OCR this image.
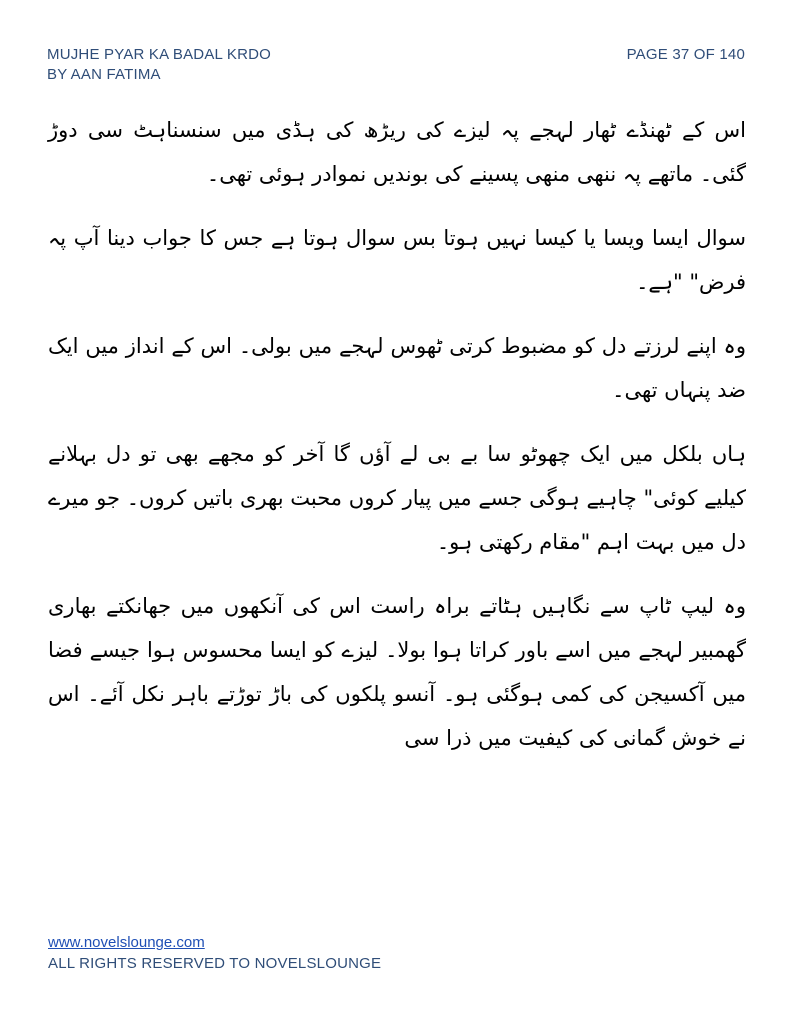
MUJHE PYAR KA BADAL KRDO
BY AAN FATIMA
PAGE 37 OF 140

اس کے ٹھنڈے ٹھار لہجے پہ لیزے کی ریڑھ کی ہڈی میں سنسناہٹ سی دوڑ گئی۔ ماتھے پہ ننھی منھی پسینے کی بوندیں نموادر ہوئی تھی۔

سوال ایسا ویسا یا کیسا نہیں ہوتا بس سوال ہوتا ہے جس کا جواب دینا آپ پہ فرض" "ہے۔

وہ اپنے لرزتے دل کو مضبوط کرتی ٹھوس لہجے میں بولی۔ اس کے انداز میں ایک ضد پنہاں تھی۔

ہاں بلکل میں ایک چھوٹو سا بے بی لے آؤں گا آخر کو مجھے بھی تو دل بہلانے کیلیے کوئی" چاہیے ہوگی جسے میں پیار کروں محبت بھری باتیں کروں۔ جو میرے دل میں بہت اہم "مقام رکھتی ہو۔

وہ لیپ ٹاپ سے نگاہیں ہٹاتے براہ راست اس کی آنکھوں میں جھانکتے بھاری گھمبیر لہجے میں اسے باور کراتا ہوا بولا۔ لیزے کو ایسا محسوس ہوا جیسے فضا میں آکسیجن کی کمی ہوگئی ہو۔ آنسو پلکوں کی باڑ توڑتے باہر نکل آئے۔ اس نے خوش گمانی کی کیفیت میں ذرا سی

www.novelslounge.com
ALL RIGHTS RESERVED TO NOVELSLOUNGE
